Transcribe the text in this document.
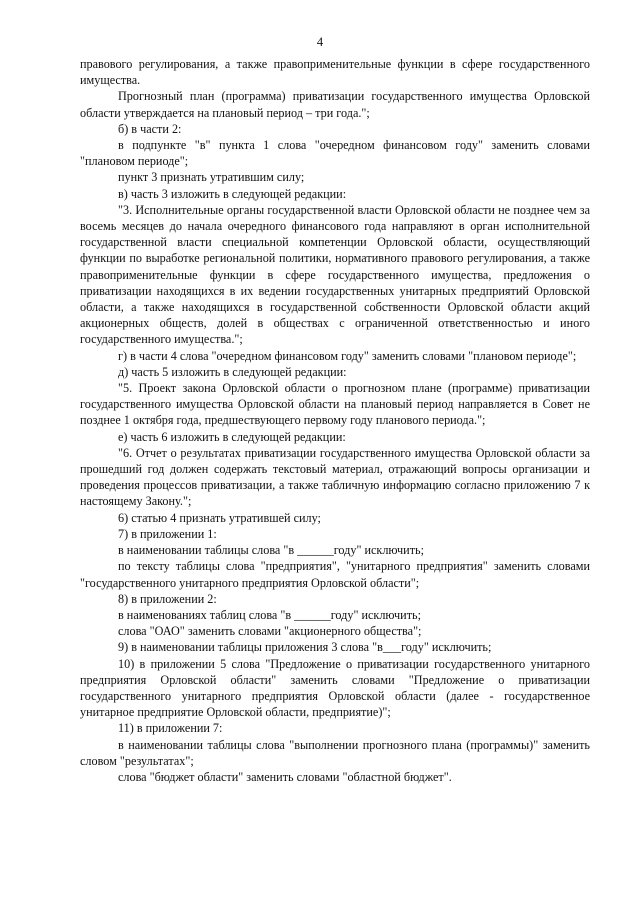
4

правового регулирования, а также правоприменительные функции в сфере государственного имущества.

Прогнозный план (программа) приватизации государственного имущества Орловской области утверждается на плановый период – три года.";

б) в части 2:

в подпункте "в" пункта 1 слова "очередном финансовом году" заменить словами "плановом периоде";

пункт 3 признать утратившим силу;

в) часть 3 изложить в следующей редакции:

"3. Исполнительные органы государственной власти Орловской области не позднее чем за восемь месяцев до начала очередного финансового года направляют в орган исполнительной государственной власти специальной компетенции Орловской области, осуществляющий функции по выработке региональной политики, нормативного правового регулирования, а также правоприменительные функции в сфере государственного имущества, предложения о приватизации находящихся в их ведении государственных унитарных предприятий Орловской области, а также находящихся в государственной собственности Орловской области акций акционерных обществ, долей в обществах с ограниченной ответственностью и иного государственного имущества.";

г) в части 4 слова "очередном финансовом году" заменить словами "плановом периоде";

д) часть 5 изложить в следующей редакции:

"5. Проект закона Орловской области о прогнозном плане (программе) приватизации государственного имущества Орловской области на плановый период направляется в Совет не позднее 1 октября года, предшествующего первому году планового периода.";

е) часть 6 изложить в следующей редакции:

"6. Отчет о результатах приватизации государственного имущества Орловской области за прошедший год должен содержать текстовый материал, отражающий вопросы организации и проведения процессов приватизации, а также табличную информацию согласно приложению 7 к настоящему Закону.";

6) статью 4 признать утратившей силу;

7) в приложении 1:

в наименовании таблицы слова "в ______году" исключить;

по тексту таблицы слова "предприятия", "унитарного предприятия" заменить словами "государственного унитарного предприятия Орловской области";

8) в приложении 2:

в наименованиях таблиц слова "в ______году" исключить;

слова "ОАО" заменить словами "акционерного общества";

9) в наименовании таблицы приложения 3 слова "в___году" исключить;

10) в приложении 5 слова "Предложение о приватизации государственного унитарного предприятия Орловской области" заменить словами "Предложение о приватизации государственного унитарного предприятия Орловской области (далее - государственное унитарное предприятие Орловской области, предприятие)";

11) в приложении 7:

в наименовании таблицы слова "выполнении прогнозного плана (программы)" заменить словом "результатах";

слова "бюджет области" заменить словами "областной бюджет".
